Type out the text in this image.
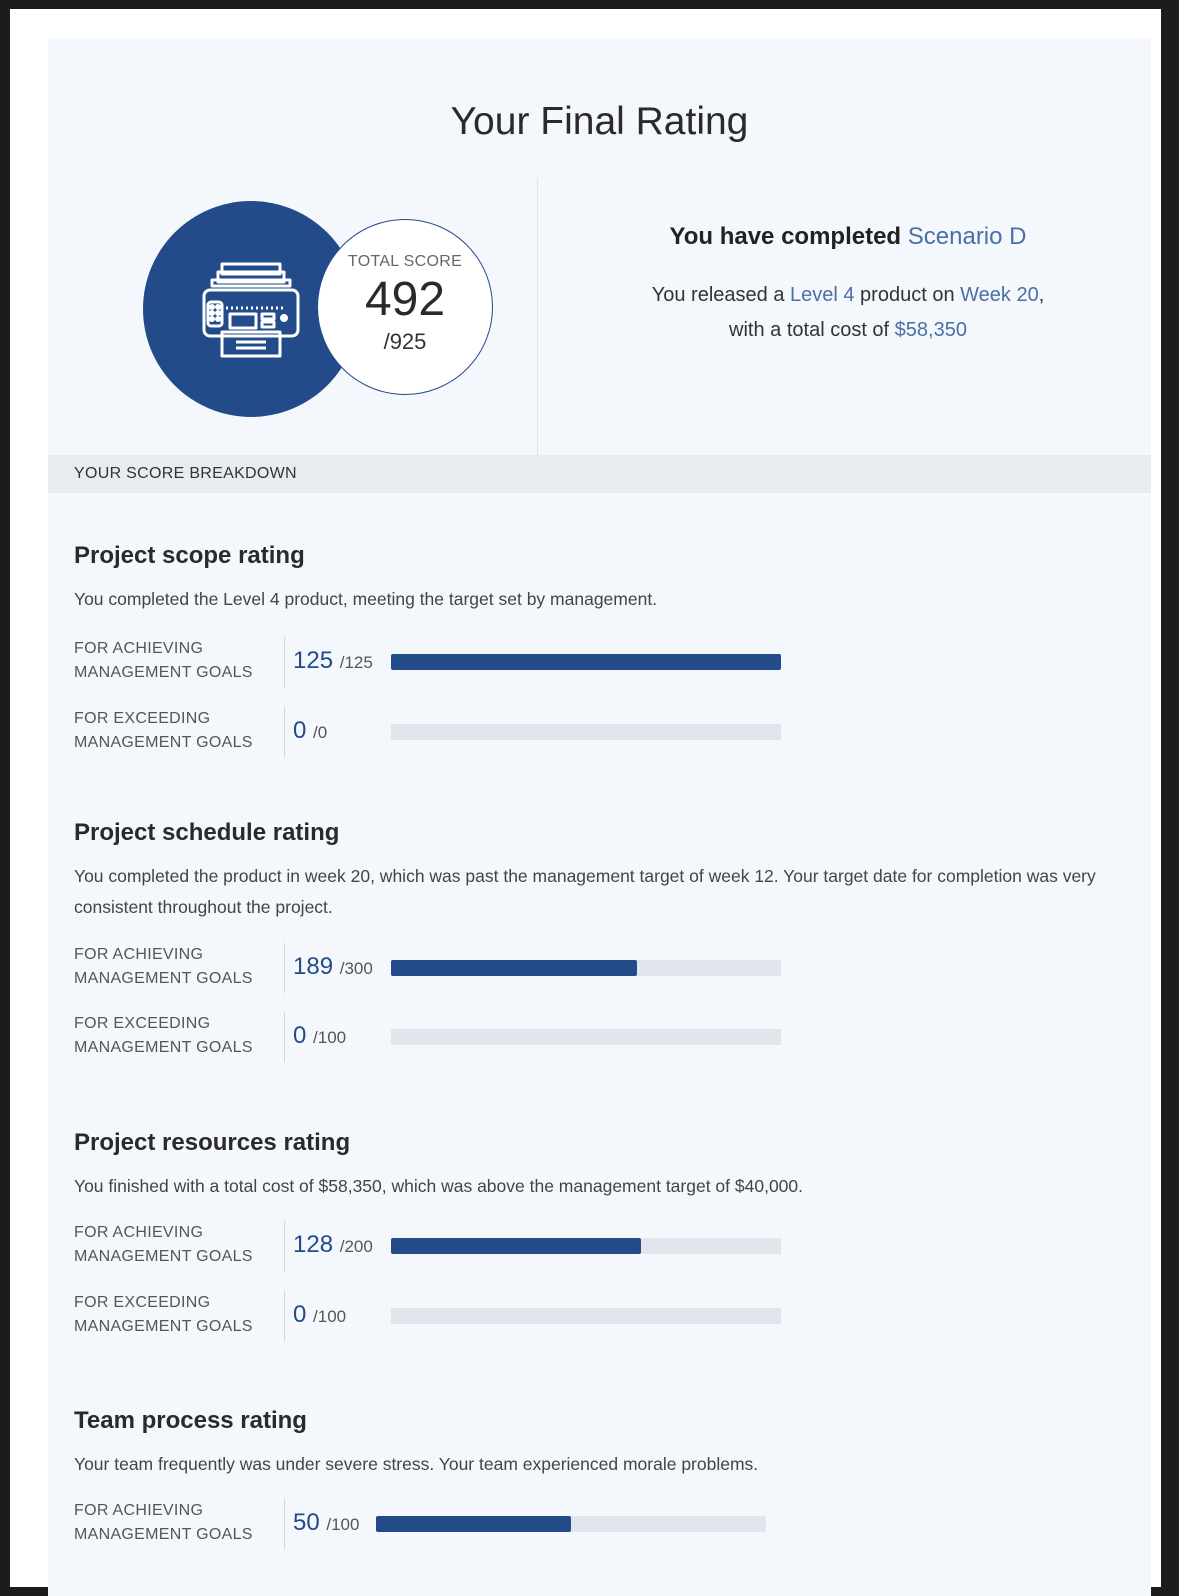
Your Final Rating
TOTAL SCORE
492
/925
You have completed Scenario D
You released a Level 4 product on Week 20,
with a total cost of $58,350
YOUR SCORE BREAKDOWN
Project scope rating
You completed the Level 4 product, meeting the target set by management.
FOR ACHIEVING
MANAGEMENT GOALS 125 /125
FOR EXCEEDING
MANAGEMENT GOALS 0 /0
Project schedule rating
You completed the product in week 20, which was past the management target of week 12. Your target date for completion was very consistent throughout the project.
FOR ACHIEVING
MANAGEMENT GOALS 189 /300
FOR EXCEEDING
MANAGEMENT GOALS 0 /100
Project resources rating
You finished with a total cost of $58,350, which was above the management target of $40,000.
FOR ACHIEVING
MANAGEMENT GOALS 128 /200
FOR EXCEEDING
MANAGEMENT GOALS 0 /100
Team process rating
Your team frequently was under severe stress. Your team experienced morale problems.
FOR ACHIEVING
MANAGEMENT GOALS 50 /100
